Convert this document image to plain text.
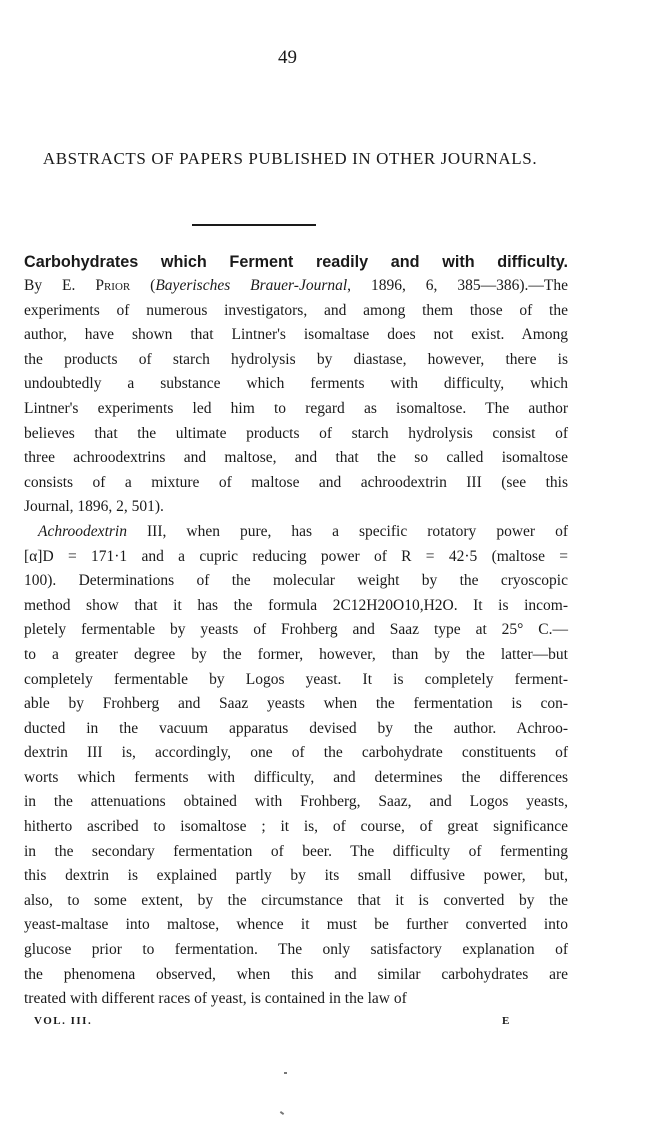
49
ABSTRACTS OF PAPERS PUBLISHED IN OTHER JOURNALS.
Carbohydrates which Ferment readily and with difficulty.
By E. Prior (Bayerisches Brauer-Journal, 1896, 6, 385—386).—The
experiments of numerous investigators, and among them those of the
author, have shown that Lintner's isomaltase does not exist. Among
the products of starch hydrolysis by diastase, however, there is
undoubtedly a substance which ferments with difficulty, which
Lintner's experiments led him to regard as isomaltose. The author
believes that the ultimate products of starch hydrolysis consist of
three achroodextrins and maltose, and that the so called isomaltose
consists of a mixture of maltose and achroodextrin III (see this
Journal, 1896, 2, 501).
Achroodextrin III, when pure, has a specific rotatory power of
[α]D = 171·1 and a cupric reducing power of R = 42·5 (maltose =
100). Determinations of the molecular weight by the cryoscopic
method show that it has the formula 2C12H20O10,H2O. It is incom-
pletely fermentable by yeasts of Frohberg and Saaz type at 25° C.—
to a greater degree by the former, however, than by the latter—but
completely fermentable by Logos yeast. It is completely ferment-
able by Frohberg and Saaz yeasts when the fermentation is con-
ducted in the vacuum apparatus devised by the author. Achroo-
dextrin III is, accordingly, one of the carbohydrate constituents of
worts which ferments with difficulty, and determines the differences
in the attenuations obtained with Frohberg, Saaz, and Logos yeasts,
hitherto ascribed to isomaltose ; it is, of course, of great significance
in the secondary fermentation of beer. The difficulty of fermenting
this dextrin is explained partly by its small diffusive power, but,
also, to some extent, by the circumstance that it is converted by the
yeast-maltase into maltose, whence it must be further converted into
glucose prior to fermentation. The only satisfactory explanation of
the phenomena observed, when this and similar carbohydrates are
treated with different races of yeast, is contained in the law of
VOL. III.	E
